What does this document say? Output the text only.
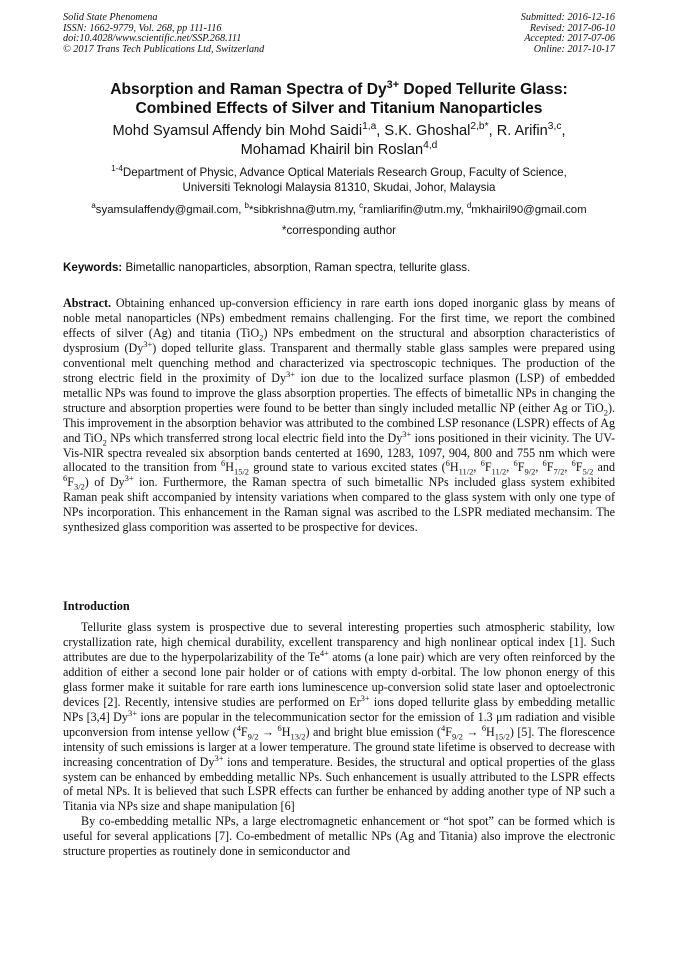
Solid State Phenomena
ISSN: 1662-9779, Vol. 268, pp 111-116
doi:10.4028/www.scientific.net/SSP.268.111
© 2017 Trans Tech Publications Ltd, Switzerland
Submitted: 2016-12-16
Revised: 2017-06-10
Accepted: 2017-07-06
Online: 2017-10-17
Absorption and Raman Spectra of $Dy^{3+}$ Doped Tellurite Glass:
Combined Effects of Silver and Titanium Nanoparticles
Mohd Syamsul Affendy bin Mohd Saidi$^{1,a}$, S.K. Ghoshal$^{2,b*}$, R. Arifin$^{3,c}$,
Mohamad Khairil bin Roslan$^{4,d}$
$^{1-4}$Department of Physic, Advance Optical Materials Research Group, Faculty of Science,
Universiti Teknologi Malaysia 81310, Skudai, Johor, Malaysia
$^a$syamsulaffendy@gmail.com, $^b$*sibkrishna@utm.my, $^c$ramliarifin@utm.my, $^d$mkhairil90@gmail.com
*corresponding author
Keywords: Bimetallic nanoparticles, absorption, Raman spectra, tellurite glass.
Abstract. Obtaining enhanced up-conversion efficiency in rare earth ions doped inorganic glass by means of noble metal nanoparticles (NPs) embedment remains challenging. For the first time, we report the combined effects of silver (Ag) and titania (TiO$_2$) NPs embedment on the structural and absorption characteristics of dysprosium $(Dy^{3+})$ doped tellurite glass. Transparent and thermally stable glass samples were prepared using conventional melt quenching method and characterized via spectroscopic techniques. The production of the strong electric field in the proximity of $Dy^{3+}$ ion due to the localized surface plasmon (LSP) of embedded metallic NPs was found to improve the glass absorption properties. The effects of bimetallic NPs in changing the structure and absorption properties were found to be better than singly included metallic NP (either Ag or TiO$_2$). This improvement in the absorption behavior was attributed to the combined LSP resonance (LSPR) effects of Ag and TiO$_2$ NPs which transferred strong local electric field into the $Dy^{3+}$ ions positioned in their vicinity. The UV-Vis-NIR spectra revealed six absorption bands centerted at 1690, 1283, 1097, 904, 800 and 755 nm which were allocated to the transition from $^6H_{15/2}$ ground state to various excited states ($^6H_{11/2}$, $^6F_{11/2}$, $^6F_{9/2}$, $^6F_{7/2}$, $^6F_{5/2}$ and $^6F_{3/2}$) of $Dy^{3+}$ ion. Furthermore, the Raman spectra of such bimetallic NPs included glass system exhibited Raman peak shift accompanied by intensity variations when compared to the glass system with only one type of NPs incorporation. This enhancement in the Raman signal was ascribed to the LSPR mediated mechansim. The synthesized glass comporition was asserted to be prospective for devices.
Introduction

Tellurite glass system is prospective due to several interesting properties such atmospheric stability, low crystallization rate, high chemical durability, excellent transparency and high nonlinear optical index [1]. Such attributes are due to the hyperpolarizability of the $Te^{4+}$ atoms (a lone pair) which are very often reinforced by the addition of either a second lone pair holder or of cations with empty d-orbital. The low phonon energy of this glass former make it suitable for rare earth ions luminescence up-conversion solid state laser and optoelectronic devices [2]. Recently, intensive studies are performed on $Er^{3+}$ ions doped tellurite glass by embedding metallic NPs [3,4] $Dy^{3+}$ ions are popular in the telecommunication sector for the emission of 1.3 μm radiation and visible upconversion from intense yellow $(^4F_{9/2} \to ^6H_{13/2})$ and bright blue emission $(^4F_{9/2} \to ^6H_{15/2})$ [5]. The florescence intensity of such emissions is larger at a lower temperature. The ground state lifetime is observed to decrease with increasing concentration of $Dy^{3+}$ ions and temperature. Besides, the structural and optical properties of the glass system can be enhanced by embedding metallic NPs. Such enhancement is usually attributed to the LSPR effects of metal NPs. It is believed that such LSPR effects can further be enhanced by adding another type of NP such a Titania via NPs size and shape manipulation [6]

By co-embedding metallic NPs, a large electromagnetic enhancement or “hot spot” can be formed which is useful for several applications [7]. Co-embedment of metallic NPs (Ag and Titania) also improve the electronic structure properties as routinely done in semiconductor and
